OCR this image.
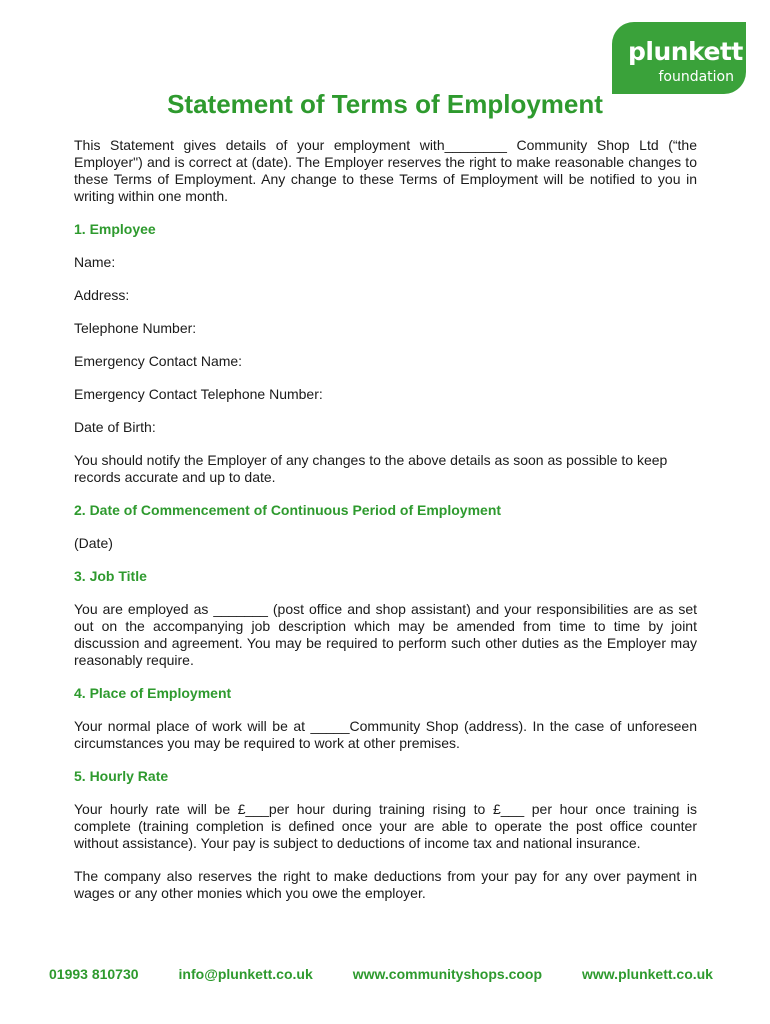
plunkett
foundation
Statement of Terms of Employment

This Statement gives details of your employment with________ Community Shop Ltd (“the Employer") and is correct at (date). The Employer reserves the right to make reasonable changes to these Terms of Employment. Any change to these Terms of Employment will be notified to you in writing within one month.

1. Employee

Name:

Address:

Telephone Number:

Emergency Contact Name:

Emergency Contact Telephone Number:

Date of Birth:

You should notify the Employer of any changes to the above details as soon as possible to keep records accurate and up to date.

2. Date of Commencement of Continuous Period of Employment

(Date)

3. Job Title

You are employed as _______ (post office and shop assistant) and your responsibilities are as set out on the accompanying job description which may be amended from time to time by joint discussion and agreement. You may be required to perform such other duties as the Employer may reasonably require.

4. Place of Employment

Your normal place of work will be at _____Community Shop (address). In the case of unforeseen circumstances you may be required to work at other premises.

5. Hourly Rate

Your hourly rate will be £___per hour during training rising to £___ per hour once training is complete (training completion is defined once your are able to operate the post office counter without assistance). Your pay is subject to deductions of income tax and national insurance.

The company also reserves the right to make deductions from your pay for any over payment in wages or any other monies which you owe the employer.

01993 810730	info@plunkett.co.uk	www.communityshops.coop	www.plunkett.co.uk
